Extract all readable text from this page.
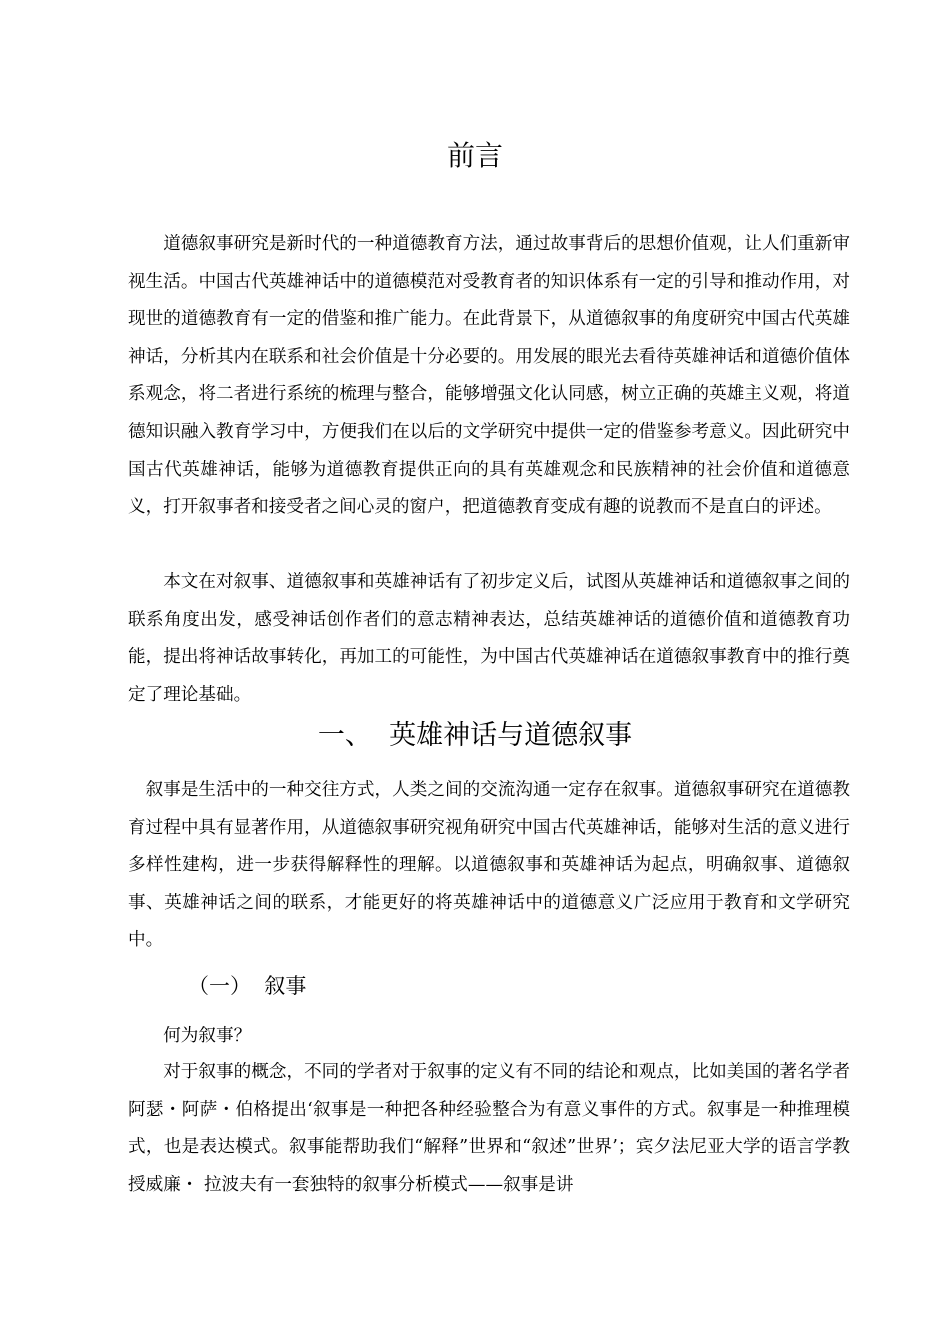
前言

道德叙事研究是新时代的一种道德教育方法，通过故事背后的思想价值观，让人们重新审视生活。中国古代英雄神话中的道德模范对受教育者的知识体系有一定的引导和推动作用，对现世的道德教育有一定的借鉴和推广能力。在此背景下，从道德叙事的角度研究中国古代英雄神话，分析其内在联系和社会价值是十分必要的。用发展的眼光去看待英雄神话和道德价值体系观念，将二者进行系统的梳理与整合，能够增强文化认同感，树立正确的英雄主义观，将道德知识融入教育学习中，方便我们在以后的文学研究中提供一定的借鉴参考意义。因此研究中国古代英雄神话，能够为道德教育提供正向的具有英雄观念和民族精神的社会价值和道德意义，打开叙事者和接受者之间心灵的窗户，把道德教育变成有趣的说教而不是直白的评述。

本文在对叙事、道德叙事和英雄神话有了初步定义后，试图从英雄神话和道德叙事之间的联系角度出发，感受神话创作者们的意志精神表达，总结英雄神话的道德价值和道德教育功能，提出将神话故事转化，再加工的可能性，为中国古代英雄神话在道德叙事教育中的推行奠定了理论基础。

一、  英雄神话与道德叙事

叙事是生活中的一种交往方式，人类之间的交流沟通一定存在叙事。道德叙事研究在道德教育过程中具有显著作用，从道德叙事研究视角研究中国古代英雄神话，能够对生活的意义进行多样性建构，进一步获得解释性的理解。以道德叙事和英雄神话为起点，明确叙事、道德叙事、英雄神话之间的联系，才能更好的将英雄神话中的道德意义广泛应用于教育和文学研究中。

（一）  叙事

何为叙事？

对于叙事的概念，不同的学者对于叙事的定义有不同的结论和观点，比如美国的著名学者阿瑟・阿萨・伯格提出‘叙事是一种把各种经验整合为有意义事件的方式。叙事是一种推理模式，也是表达模式。叙事能帮助我们“解释”世界和“叙述”世界’；宾夕法尼亚大学的语言学教授威廉・ 拉波夫有一套独特的叙事分析模式——叙事是讲
